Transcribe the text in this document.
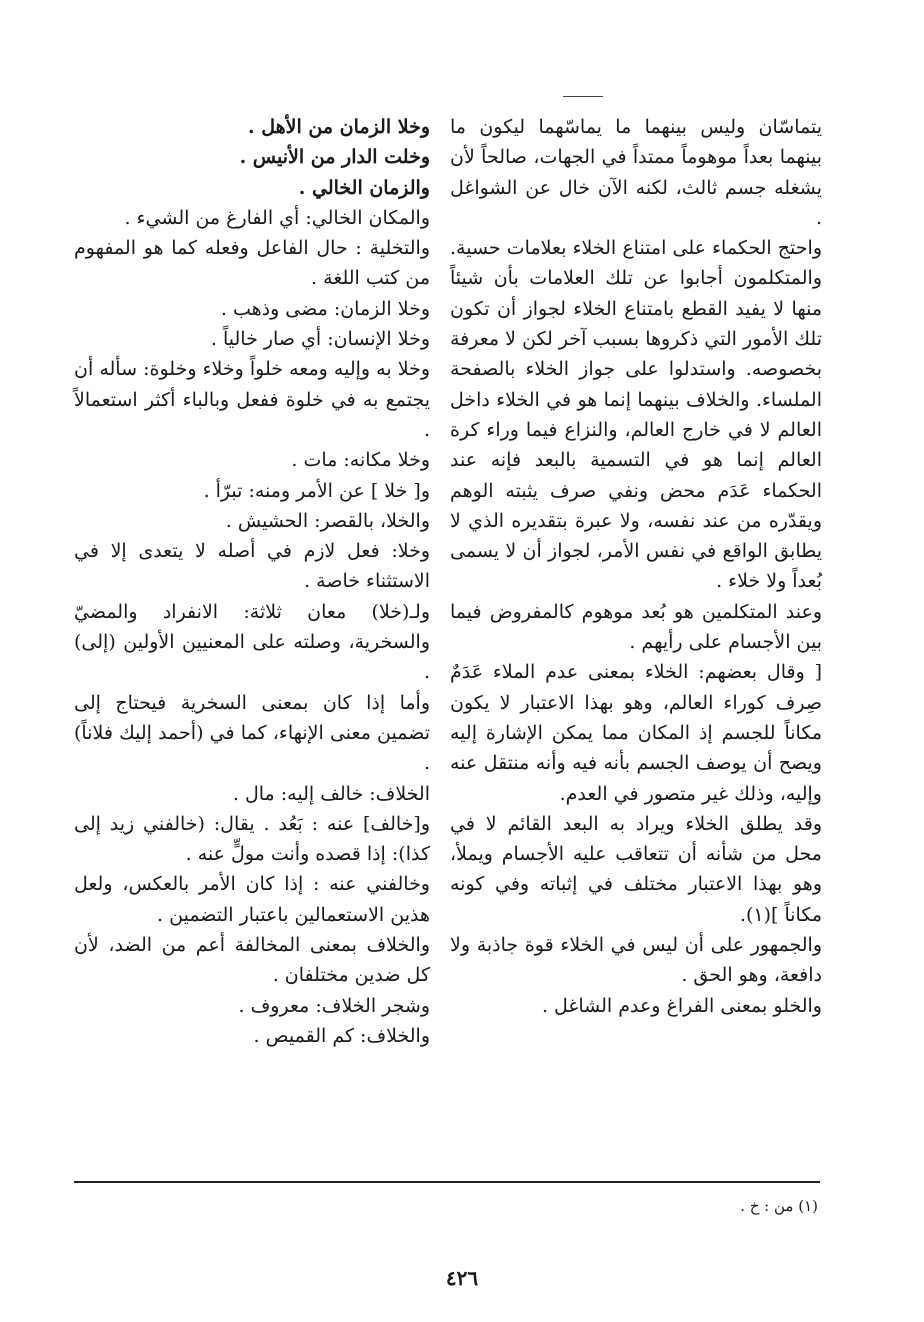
يتماسّان وليس بينهما ما يماسّهما ليكون ما بينهما بعداً موهوماً ممتداً في الجهات، صالحاً لأن يشغله جسم ثالث، لكنه الآن خال عن الشواغل .

واحتج الحكماء على امتناع الخلاء بعلامات حسية. والمتكلمون أجابوا عن تلك العلامات بأن شيئاً منها لا يفيد القطع بامتناع الخلاء لجواز أن تكون تلك الأمور التي ذكروها بسبب آخر لكن لا معرفة بخصوصه. واستدلوا على جواز الخلاء بالصفحة الملساء. والخلاف بينهما إنما هو في الخلاء داخل العالم لا في خارج العالم، والنزاع فيما وراء كرة العالم إنما هو في التسمية بالبعد فإنه عند الحكماء عَدَم محض ونفي صرف يثبته الوهم ويقدّره من عند نفسه، ولا عبرة بتقديره الذي لا يطابق الواقع في نفس الأمر، لجواز أن لا يسمى بُعداً ولا خلاء .

وعند المتكلمين هو بُعد موهوم كالمفروض فيما بين الأجسام على رأيهم .

[ وقال بعضهم: الخلاء بمعنى عدم الملاء عَدَمٌ صِرف كوراء العالم، وهو بهذا الاعتبار لا يكون مكاناً للجسم إذ المكان مما يمكن الإشارة إليه ويصح أن يوصف الجسم بأنه فيه وأنه منتقل عنه وإليه، وذلك غير متصور في العدم.

وقد يطلق الخلاء ويراد به البعد القائم لا في محل من شأنه أن تتعاقب عليه الأجسام ويملأ، وهو بهذا الاعتبار مختلف في إثباته وفي كونه مكاناً ](١).

والجمهور على أن ليس في الخلاء قوة جاذبة ولا دافعة، وهو الحق .

والخلو بمعنى الفراغ وعدم الشاغل .

وخلا الزمان من الأهل .

وخلت الدار من الأنيس .

والزمان الخالي .

والمكان الخالي: أي الفارغ من الشيء .

والتخلية : حال الفاعل وفعله كما هو المفهوم من كتب اللغة .

وخلا الزمان: مضى وذهب .

وخلا الإنسان: أي صار خالياً .

وخلا به وإليه ومعه خلواً وخلاء وخلوة: سأله أن يجتمع به في خلوة ففعل وبالباء أكثر استعمالاً .

وخلا مكانه: مات .

و[ خلا ] عن الأمر ومنه: تبرّأ .

والخلا، بالقصر: الحشيش .

وخلا: فعل لازم في أصله لا يتعدى إلا في الاستثناء خاصة .

ولـ(خلا) معان ثلاثة: الانفراد والمضيّ والسخرية، وصلته على المعنيين الأولين (إلى) .

وأما إذا كان بمعنى السخرية فيحتاج إلى تضمين معنى الإنهاء، كما في (أحمد إليك فلاناً) .

الخلاف: خالف إليه: مال .

و[خالف] عنه : بَعُد . يقال: (خالفني زيد إلى كذا): إذا قصده وأنت مولٍّ عنه .

وخالفني عنه : إذا كان الأمر بالعكس، ولعل هذين الاستعمالين باعتبار التضمين .

والخلاف بمعنى المخالفة أعم من الضد، لأن كل ضدين مختلفان .

وشجر الخلاف: معروف .

والخلاف: كم القميص .

(١) من : خ .
٤٢٦
